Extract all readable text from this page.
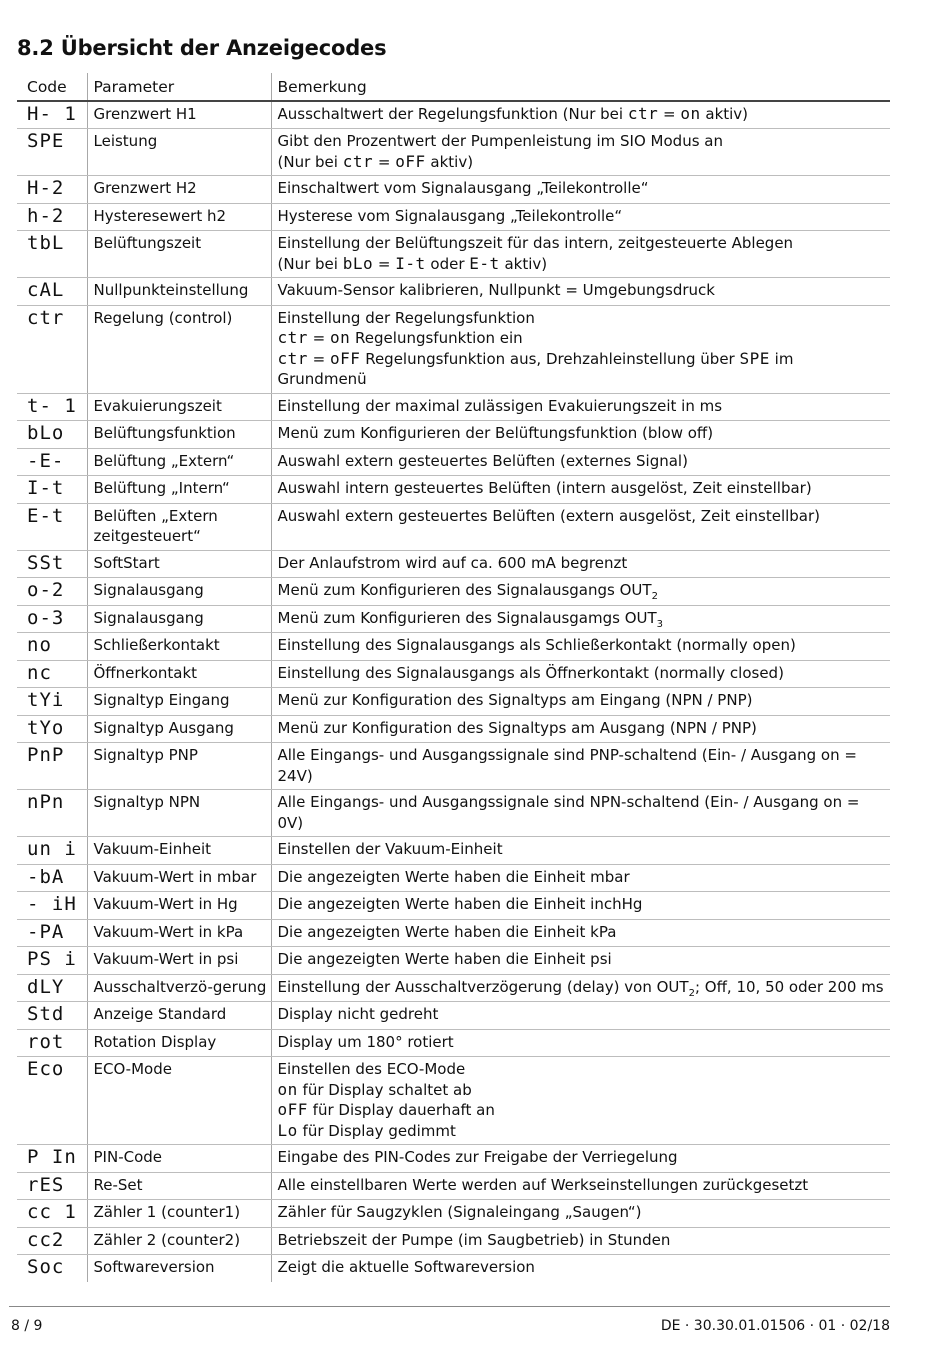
8.2 Übersicht der Anzeigecodes
Code	Parameter	Bemerkung
H- 1	Grenzwert H1	Ausschaltwert der Regelungsfunktion (Nur bei ctr = on aktiv)
SPE	Leistung	Gibt den Prozentwert der Pumpenleistung im SIO Modus an
(Nur bei ctr = oFF aktiv)
H-2	Grenzwert H2	Einschaltwert vom Signalausgang „Teilekontrolle“
h-2	Hysteresewert h2	Hysterese vom Signalausgang „Teilekontrolle“
tbL	Belüftungszeit	Einstellung der Belüftungszeit für das intern, zeitgesteuerte Ablegen
(Nur bei bLo = I-t oder E-t aktiv)
cAL	Nullpunkteinstellung	Vakuum-Sensor kalibrieren, Nullpunkt = Umgebungsdruck
ctr	Regelung (control)	Einstellung der Regelungsfunktion
ctr = on Regelungsfunktion ein
ctr = oFF Regelungsfunktion aus, Drehzahleinstellung über SPE im
Grundmenü
t- 1	Evakuierungszeit	Einstellung der maximal zulässigen Evakuierungszeit in ms
bLo	Belüftungsfunktion	Menü zum Konfigurieren der Belüftungsfunktion (blow off)
-E-	Belüftung „Extern“	Auswahl extern gesteuertes Belüften (externes Signal)
I-t	Belüftung „Intern“	Auswahl intern gesteuertes Belüften (intern ausgelöst, Zeit einstellbar)
E-t	Belüften „Extern zeitgesteuert“	Auswahl extern gesteuertes Belüften (extern ausgelöst, Zeit einstellbar)
SSt	SoftStart	Der Anlaufstrom wird auf ca. 600 mA begrenzt
o-2	Signalausgang	Menü zum Konfigurieren des Signalausgangs $OUT_2$
o-3	Signalausgang	Menü zum Konfigurieren des Signalausgamgs $OUT_3$
no	Schließerkontakt	Einstellung des Signalausgangs als Schließerkontakt (normally open)
nc	Öffnerkontakt	Einstellung des Signalausgangs als Öffnerkontakt (normally closed)
tYi	Signaltyp Eingang	Menü zur Konfiguration des Signaltyps am Eingang (NPN / PNP)
tYo	Signaltyp Ausgang	Menü zur Konfiguration des Signaltyps am Ausgang (NPN / PNP)
PnP	Signaltyp PNP	Alle Eingangs- und Ausgangssignale sind PNP-schaltend (Ein- / Ausgang on = 24V)
nPn	Signaltyp NPN	Alle Eingangs- und Ausgangssignale sind NPN-schaltend (Ein- / Ausgang on = 0V)
un i	Vakuum-Einheit	Einstellen der Vakuum-Einheit
-bA	Vakuum-Wert in mbar	Die angezeigten Werte haben die Einheit mbar
- iH	Vakuum-Wert in Hg	Die angezeigten Werte haben die Einheit inchHg
-PA	Vakuum-Wert in kPa	Die angezeigten Werte haben die Einheit kPa
PS i	Vakuum-Wert in psi	Die angezeigten Werte haben die Einheit psi
dLY	Ausschaltverzö-gerung	Einstellung der Ausschaltverzögerung (delay) von $OUT_2$; Off, 10, 50 oder 200 ms
Std	Anzeige Standard	Display nicht gedreht
rot	Rotation Display	Display um 180° rotiert
Eco	ECO-Mode	Einstellen des ECO-Mode
on für Display schaltet ab
oFF für Display dauerhaft an
Lo für Display gedimmt
P In	PIN-Code	Eingabe des PIN-Codes zur Freigabe der Verriegelung
rES	Re-Set	Alle einstellbaren Werte werden auf Werkseinstellungen zurückgesetzt
cc 1	Zähler 1 (counter1)	Zähler für Saugzyklen (Signaleingang „Saugen“)
cc2	Zähler 2 (counter2)	Betriebszeit der Pumpe (im Saugbetrieb) in Stunden
Soc	Softwareversion	Zeigt die aktuelle Softwareversion
8 / 9	DE · 30.30.01.01506 · 01 · 02/18
